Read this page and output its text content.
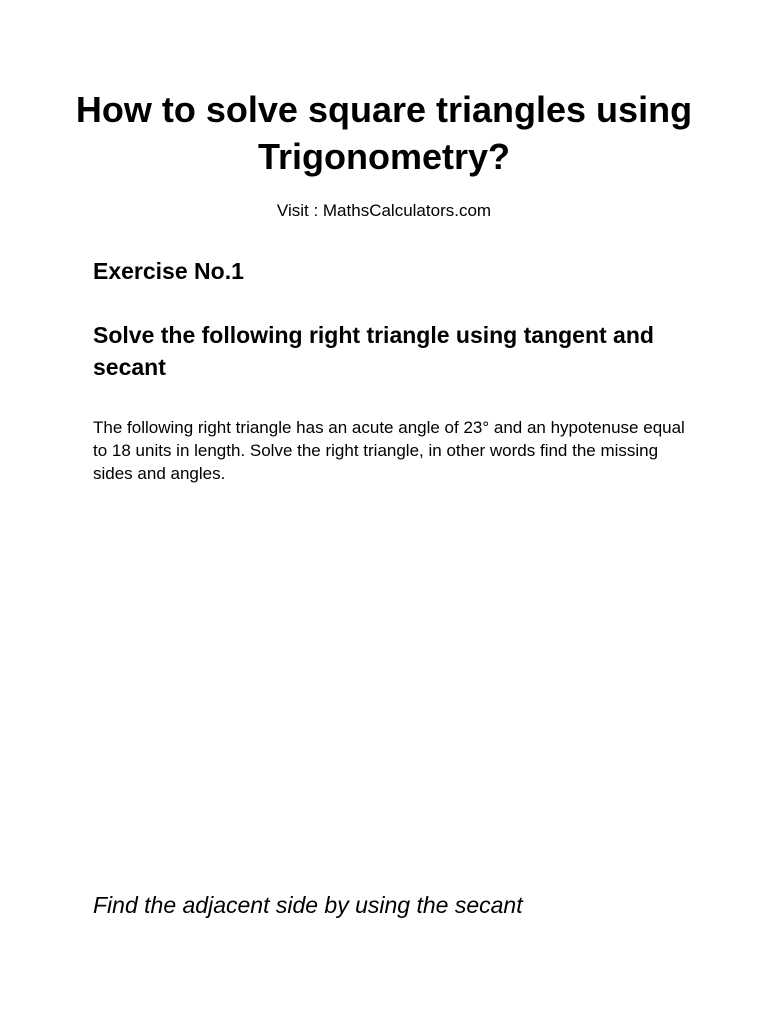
How to solve square triangles using Trigonometry?
Visit : MathsCalculators.com
Exercise No.1
Solve the following right triangle using tangent and secant

The following right triangle has an acute angle of 23° and an hypotenuse equal to 18 units in length. Solve the right triangle, in other words find the missing sides and angles.

Find the adjacent side by using the secant
